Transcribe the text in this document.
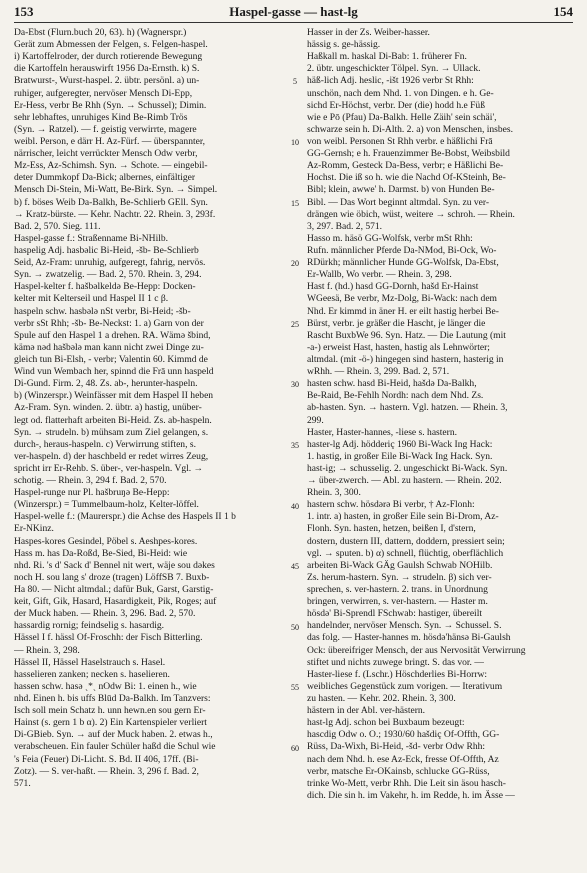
153	Haspel-gasse — hast-lg	154
Da-Ebst (Flurn.buch 20, 63). h) (Wagnerspr.)
Gerät zum Abmessen der Felgen, s. Felgen-haspel.
i) Kartoffelroder, der durch rotierende Bewegung
die Kartoffeln herauswirft 1956 Da-Ernsth. k) S.
Bratwurst-, Wurst-haspel. 2. übtr. persönl. a) un-
ruhiger, aufgeregter, nervöser Mensch Di-Epp,
Er-Hess, verbr Be Rhh (Syn. → Schussel); Dimin.
sehr lebhaftes, unruhiges Kind Be-Rimb Trös
(Syn. → Ratzel). — f. geistig verwirrte, magere
weibl. Person, e därr H. Az-Fürf. — überspannter,
närrischer, leicht verrückter Mensch Odw verbr,
Mz-Ess, Az-Schimsh. Syn. → Schote. — eingebil-
deter Dummkopf Da-Bick; albernes, einfältiger
Mensch Di-Stein, Mi-Watt, Be-Birk. Syn. → Simpel.
b) f. böses Weib Da-Balkh, Be-Schlierb GEll. Syn.
→ Kratz-bürste. — Kehr. Nachtr. 22. Rhein. 3, 293f.
Bad. 2, 570. Sieg. 111.
Haspel-gasse f.: Straßenname Bi-NHilb.
haspelig Adj. hasbəlic Bi-Heid, -šb- Be-Schlierb
Seid, Az-Fram: unruhig, aufgeregt, fahrig, nervös.
Syn. → zwatzelig. — Bad. 2, 570. Rhein. 3, 294.
Haspel-kelter f. hašbəlkeldə Be-Hepp: Docken-
kelter mit Kelterseil und Haspel II 1 c β.
haspeln schw. hasbələ nSt verbr, Bi-Heid; -šb-
verbr sSt Rhh; -šb- Be-Neckst: 1. a) Garn von der
Spule auf den Haspel 1 a drehen. RA. Wämə šbind,
kämə nəd hašbələ man kann nicht zwei Dinge zu-
gleich tun Bi-Elsh, - verbr; Valentin 60. Kimmd de
Wind vun Wembach her, spinnd die Frā unn haspeld
Di-Gund. Firm. 2, 48. Zs. ab-, herunter-haspeln.
b) (Winzerspr.) Weinfässer mit dem Haspel II heben
Az-Fram. Syn. winden. 2. übtr. a) hastig, unüber-
legt od. flatterhaft arbeiten Bi-Heid. Zs. ab-haspeln.
Syn. → strudeln. b) mühsam zum Ziel gelangen, s.
durch-, heraus-haspeln. c) Verwirrung stiften, s.
ver-haspeln. d) der haschbeld er redet wirres Zeug,
spricht irr Er-Rehb. S. über-, ver-haspeln. Vgl. →
schotig. — Rhein. 3, 294 f. Bad. 2, 570.
Haspel-runge nur Pl. hašbruŋə Be-Hepp:
(Winzerspr.) = Tummelbaum-holz, Kelter-löffel.
Haspel-welle f.: (Maurerspr.) die Achse des Haspels II 1 b
Er-NKinz.
Haspes-kores Gesindel, Pöbel s. Aeshpes-kores.
Hass m. has Da-Roßd, Be-Sied, Bi-Heid: wie
nhd. Ri. 's d' Sack d' Bennel nit wert, wäje sou dəkes
noch H. sou lang s' droze (tragen) LöffSB 7. Buxb-
Ha 80. — Nicht altmdal.; dafür Buk, Garst, Garstig-
keit, Gift, Gik, Hasard, Hasardigkeit, Pik, Roges; auf
der Muck haben. — Rhein. 3, 296. Bad. 2, 570.
hassardig rornig; feindselig s. hasardig.
Hässel I f. hässl Of-Froschh: der Fisch Bitterling.
— Rhein. 3, 298.
Hässel II, Hässel Haselstrauch s. Hasel.
hasselieren zanken; necken s. haselieren.
hassen schw. hasə ˏ*ˏ nOdw Bi: 1. einen h., wie
nhd. Einen h. bis uffs Blūd Da-Balkh. Im Tanzvers:
Isch soll mein Schatz h. unn hewn.en sou gern Er-
Hainst (s. gern 1 b α). 2) Ein Kartenspieler verliert
Di-GBieb. Syn. → auf der Muck haben. 2. etwas h.,
verabscheuen. Ein fauler Schüler haßd die Schul wie
's Feia (Feuer) Di-Licht. S. Bd. II 406, 17ff. (Bi-
Zotz). — S. ver-haßt. — Rhein. 3, 296 f. Bad. 2,
571.
5
10
15
20
25
30
35
40
45
50
55
60
Hasser in der Zs. Weiber-hasser.
hässig s. ge-hässig.
Haßkall m. haskal Di-Bab: 1. früherer Fn.
2. übtr. ungeschickter Tölpel. Syn. → Ullack.
häß-lich Adj. heslic, -išt 1926 verbr St Rhh:
unschön, nach dem Nhd. 1. von Dingen. e h. Ge-
sichd Er-Höchst, verbr. Der (die) hodd h.e Füß
wie e Pō (Pfau) Da-Balkh. Helle Zäih' sein schäi',
schwarze sein h. Di-Alth. 2. a) von Menschen, insbes.
von weibl. Personen St Rhh verbr. e häßlichi Frā
GG-Gernsh; e h. Frauenzimmer Be-Bobst, Weibsbild
Az-Romm, Gesteck Da-Bess, verbr; e Häßlichi Be-
Hochst. Die iß so h. wie die Nachd Of-KSteinh, Be-
Bibl; klein, awwe' h. Darmst. b) von Hunden Be-
Bibl. — Das Wort beginnt altmdal. Syn. zu ver-
drängen wie öbich, wüst, weitere → schroh. — Rhein.
3, 297. Bad. 2, 571.
Hasso m. häsö GG-Wolfsk, verbr mSt Rhh:
Rufn. männlicher Pferde Da-NMod, Bi-Ock, Wo-
RDürkh; männlicher Hunde GG-Wolfsk, Da-Ebst,
Er-Wallb, Wo verbr. — Rhein. 3, 298.
Hast f. (hd.) hasd GG-Dornh, hašd Er-Hainst
WGeesä, Be verbr, Mz-Dolg, Bi-Wack: nach dem
Nhd. Er kimmd in äner H. er eilt hastig herbei Be-
Bürst, verbr. je gräßer die Hascht, je länger die
Rascht BuxbWe 96. Syn. Hatz. — Die Lautung (mit
-a-) erweist Hast, hasten, hastig als Lehnwörter;
altmdal. (mit -ö-) hingegen sind hastern, hasterig in
wRhh. — Rhein. 3, 299. Bad. 2, 571.
hasten schw. hasd Bi-Heid, hašdə Da-Balkh,
Be-Raid, Be-Fehlh Nordh: nach dem Nhd. Zs.
ab-hasten. Syn. → hastern. Vgl. hatzen. — Rhein. 3,
299.
Haster, Haster-hannes, -liese s. hastern.
haster-lg Adj. hödderiç 1960 Bi-Wack Ing Hack:
1. hastig, in großer Eile Bi-Wack Ing Hack. Syn.
hast-ig; → schusselig. 2. ungeschickt Bi-Wack. Syn.
→ über-zwerch. — Abl. zu hastern. — Rhein. 202.
Rhein. 3, 300.
hastern schw. hösdərə Bi verbr, † Az-Flonh:
1. intr. a) hasten, in großer Eile sein Bi-Drom, Az-
Flonh. Syn. hasten, hetzen, beißen I, d'stern,
dostern, dustern III, dattern, doddern, pressiert sein;
vgl. → sputen. b) α) schnell, flüchtig, oberflächlich
arbeiten Bi-Wack GÄg Gaulsh Schwab NOHilb.
Zs. herum-hastern. Syn. → strudeln. β) sich ver-
sprechen, s. ver-hastern. 2. trans. in Unordnung
bringen, verwirren, s. ver-hastern. — Haster m.
hösdə' Bi-Sprendl FSchwab: hastiger, übereilt
handelnder, nervöser Mensch. Syn. → Schussel. S.
das folg. — Haster-hannes m. hösdə'hänsə Bi-Gaulsh
Ock: übereifriger Mensch, der aus Nervosität Verwirrung
stiftet und nichts zuwege bringt. S. das vor. —
Haster-liese f. (Lschr.) Höschderlies Bi-Horrw:
weibliches Gegenstück zum vorigen. — Iterativum
zu hasten. — Kehr. 202. Rhein. 3, 300.
hästern in der Abl. ver-hästern.
hast-lg Adj. schon bei Buxbaum bezeugt:
hascdig Odw o. O.; 1930/60 hašdiç Of-Offth, GG-
Rüss, Da-Wixh, Bi-Heid, -šd- verbr Odw Rhh:
nach dem Nhd. h. ese Az-Eck, fresse Of-Offth, Az
verbr, matsche Er-OKainsb, schlucke GG-Rüss,
trinke Wo-Mett, verbr Rhh. Die Leit sin äsou hasch-
dich. Die sin h. im Vakehr, h. im Redde, h. im Ässe —
